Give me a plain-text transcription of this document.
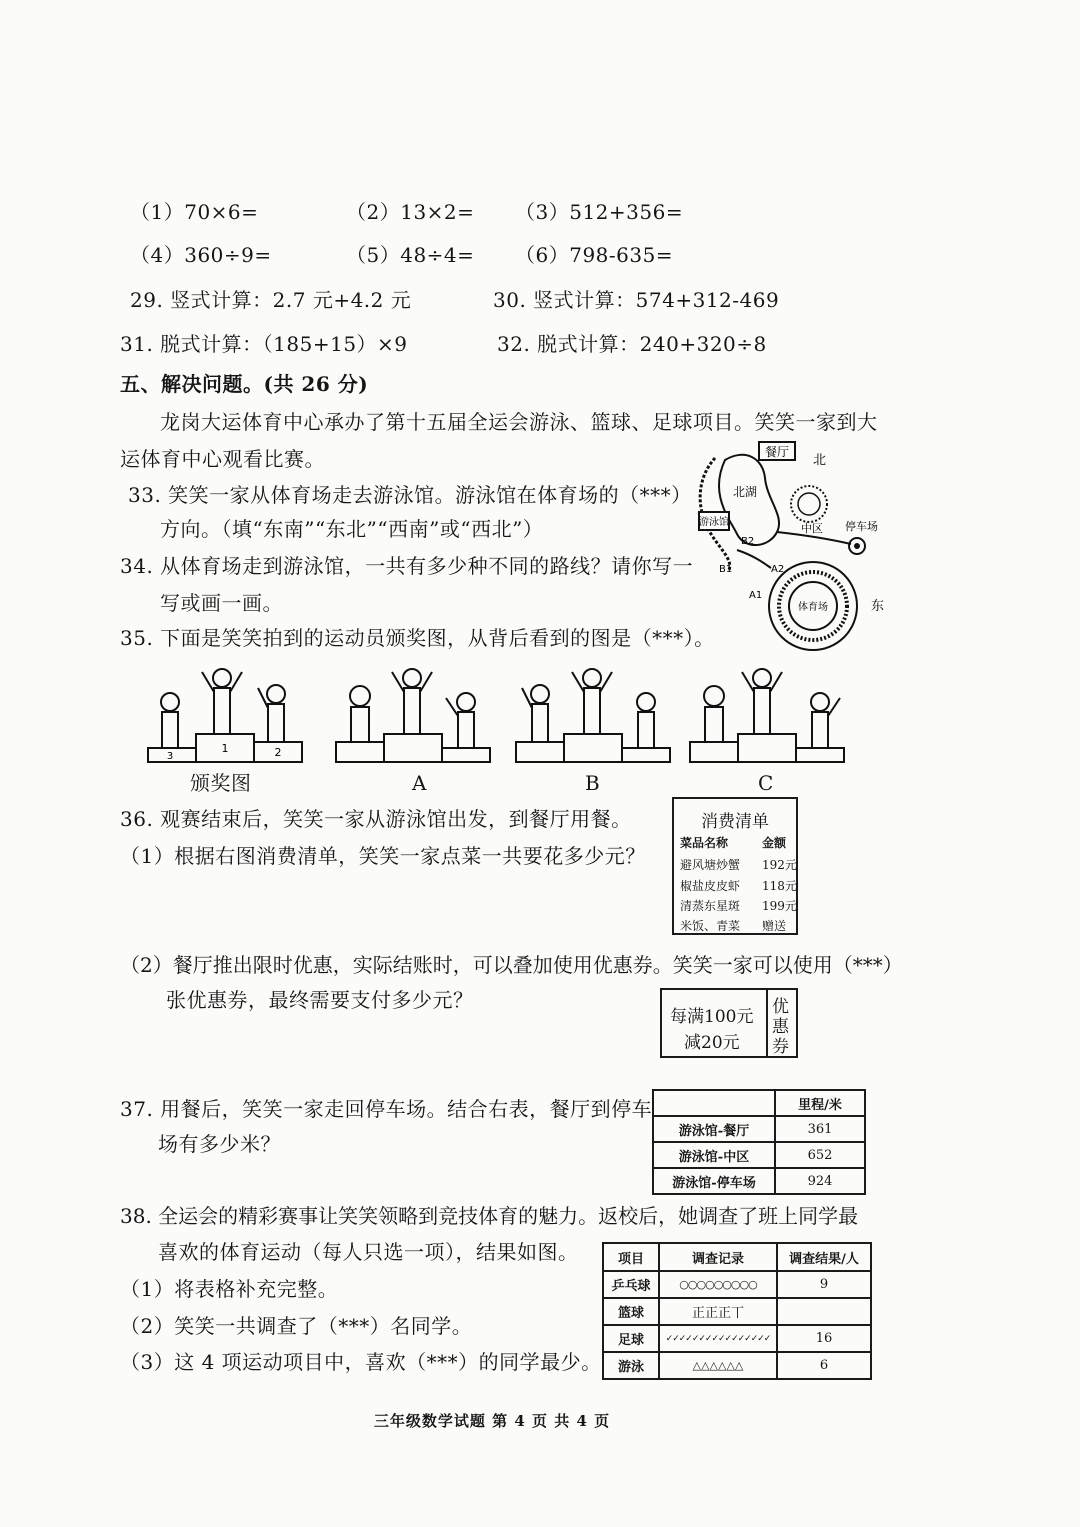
（1）70×6=	（2）13×2= （3）512+356=
（4）360÷9=	（5）48÷4= （6）798-635=
29. 竖式计算：2.7 元+4.2 元	30. 竖式计算：574+312-469
31. 脱式计算：（185+15）×9	32. 脱式计算：240+320÷8
五、解决问题。(共 26 分)
龙岗大运体育中心承办了第十五届全运会游泳、篮球、足球项目。笑笑一家到大
运体育中心观看比赛。
33. 笑笑一家从体育场走去游泳馆。游泳馆在体育场的（***）
方向。（填“东南”“东北”“西南”或“西北”）
34. 从体育场走到游泳馆，一共有多少种不同的路线？请你写一
写或画一画。
餐厅
北
北湖
游泳馆	中区 停车场
B2
B1	A2
A1
体育场	东
35. 下面是笑笑拍到的运动员颁奖图，从背后看到的图是（***）。
3
1	2
颁奖图	A	B	C
36. 观赛结束后，笑笑一家从游泳馆出发，到餐厅用餐。
（1）根据右图消费清单，笑笑一家点菜一共要花多少元？
消费清单
菜品名称	金额
避风塘炒蟹 192元
椒盐皮皮虾 118元
清蒸东星斑 199元
米饭、青菜 赠送
（2）餐厅推出限时优惠，实际结账时，可以叠加使用优惠券。笑笑一家可以使用（***）
张优惠券，最终需要支付多少元？
每满100元
减20元
优
惠
券
37. 用餐后，笑笑一家走回停车场。结合右表，餐厅到停车
场有多少米？
	里程/米
游泳馆-餐厅	361
游泳馆-中区	652
游泳馆-停车场	924
38. 全运会的精彩赛事让笑笑领略到竞技体育的魅力。返校后，她调查了班上同学最
喜欢的体育运动（每人只选一项），结果如图。
（1）将表格补充完整。
（2）笑笑一共调查了（***）名同学。
（3）这 4 项运动项目中，喜欢（***）的同学最少。
项目	调查记录	调查结果/人
乒乓球	○○○○○○○○○	9
篮球	正正正丅	
足球	✓✓✓✓✓✓✓✓✓✓✓✓✓✓✓✓	16
游泳	△△△△△△	6
三年级数学试题 第 4 页 共 4 页
